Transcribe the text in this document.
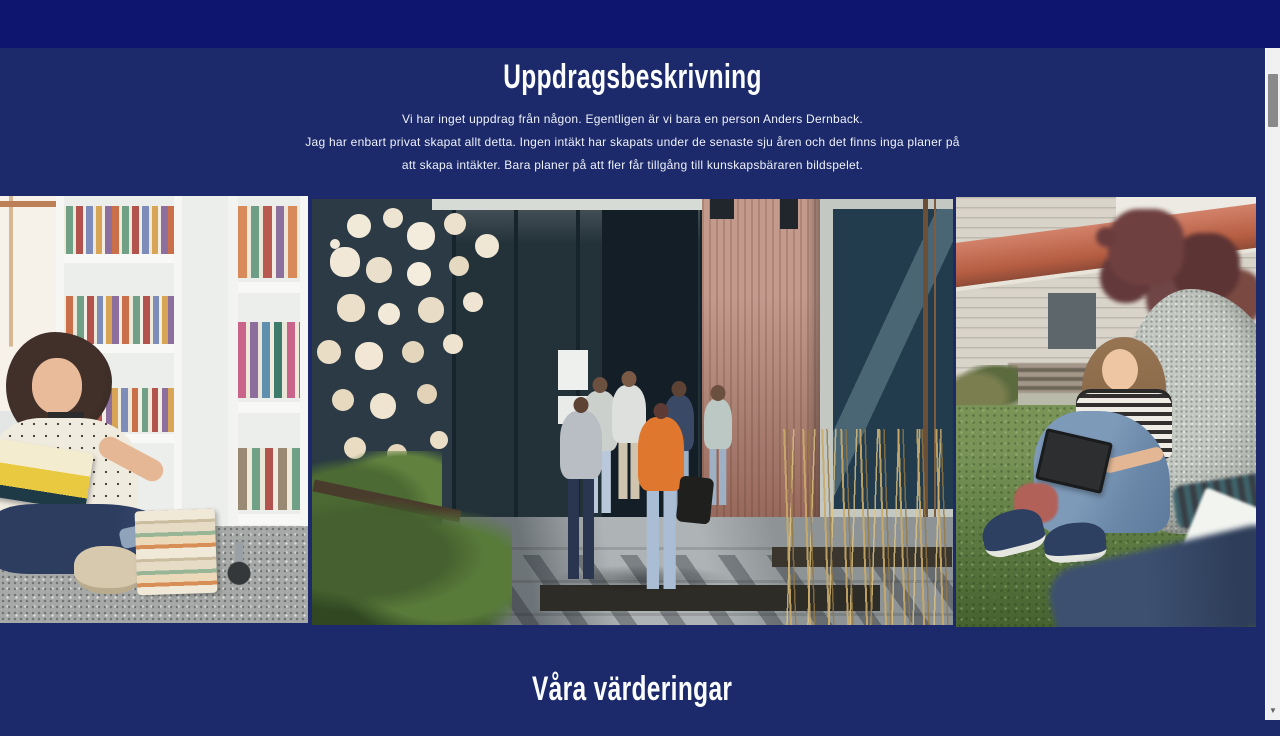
Uppdragsbeskrivning
Vi har inget uppdrag från någon. Egentligen är vi bara en person Anders Dernback.
Jag har enbart privat skapat allt detta. Ingen intäkt har skapats under de senaste sju åren och det finns inga planer på
att skapa intäkter. Bara planer på att fler får tillgång till kunskapsbäraren bildspelet.
Våra värderingar
▼
